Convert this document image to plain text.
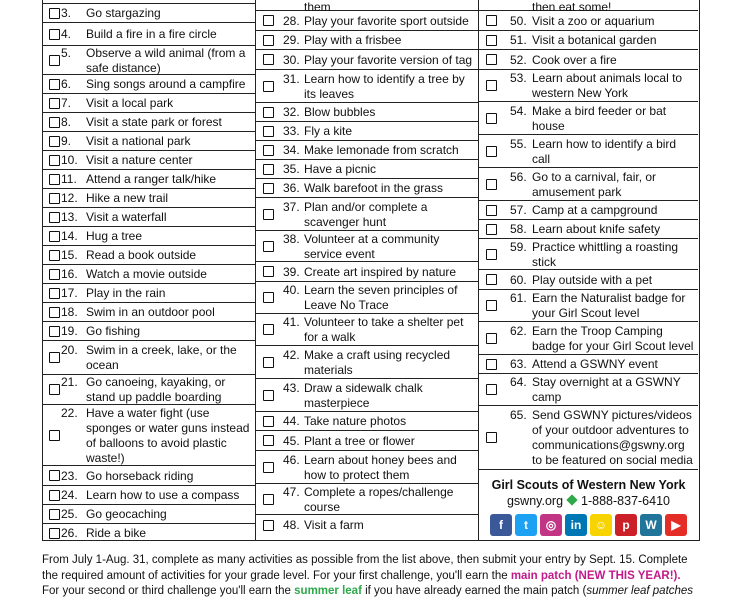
3. Go stargazing
4. Build a fire in a fire circle
5. Observe a wild animal (from a safe distance)
6. Sing songs around a campfire
7. Visit a local park
8. Visit a state park or forest
9. Visit a national park
10. Visit a nature center
11. Attend a ranger talk/hike
12. Hike a new trail
13. Visit a waterfall
14. Hug a tree
15. Read a book outside
16. Watch a movie outside
17. Play in the rain
18. Swim in an outdoor pool
19. Go fishing
20. Swim in a creek, lake, or the ocean
21. Go canoeing, kayaking, or stand up paddle boarding
22. Have a water fight (use sponges or water guns instead of balloons to avoid plastic waste!)
23. Go horseback riding
24. Learn how to use a compass
25. Go geocaching
26. Ride a bike
them
28. Play your favorite sport outside
29. Play with a frisbee
30. Play your favorite version of tag
31. Learn how to identify a tree by its leaves
32. Blow bubbles
33. Fly a kite
34. Make lemonade from scratch
35. Have a picnic
36. Walk barefoot in the grass
37. Plan and/or complete a scavenger hunt
38. Volunteer at a community service event
39. Create art inspired by nature
40. Learn the seven principles of Leave No Trace
41. Volunteer to take a shelter pet for a walk
42. Make a craft using recycled materials
43. Draw a sidewalk chalk masterpiece
44. Take nature photos
45. Plant a tree or flower
46. Learn about honey bees and how to protect them
47. Complete a ropes/challenge course
48. Visit a farm
then eat some!
50. Visit a zoo or aquarium
51. Visit a botanical garden
52. Cook over a fire
53. Learn about animals local to western New York
54. Make a bird feeder or bat house
55. Learn how to identify a bird call
56. Go to a carnival, fair, or amusement park
57. Camp at a campground
58. Learn about knife safety
59. Practice whittling a roasting stick
60. Play outside with a pet
61. Earn the Naturalist badge for your Girl Scout level
62. Earn the Troop Camping badge for your Girl Scout level
63. Attend a GSWNY event
64. Stay overnight at a GSWNY camp
65. Send GSWNY pictures/videos of your outdoor adventures to communications@gswny.org to be featured on social media
Girl Scouts of Western New York
gswny.org 1-888-837-6410
f	t	◎	in	☺	p	W	▶
From July 1-Aug. 31, complete as many activities as possible from the list above, then submit your entry by Sept. 15. Complete
the required amount of activities for your grade level. For your first challenge, you'll earn the main patch (NEW THIS YEAR!).
For your second or third challenge you'll earn the summer leaf if you have already earned the main patch (summer leaf patches
